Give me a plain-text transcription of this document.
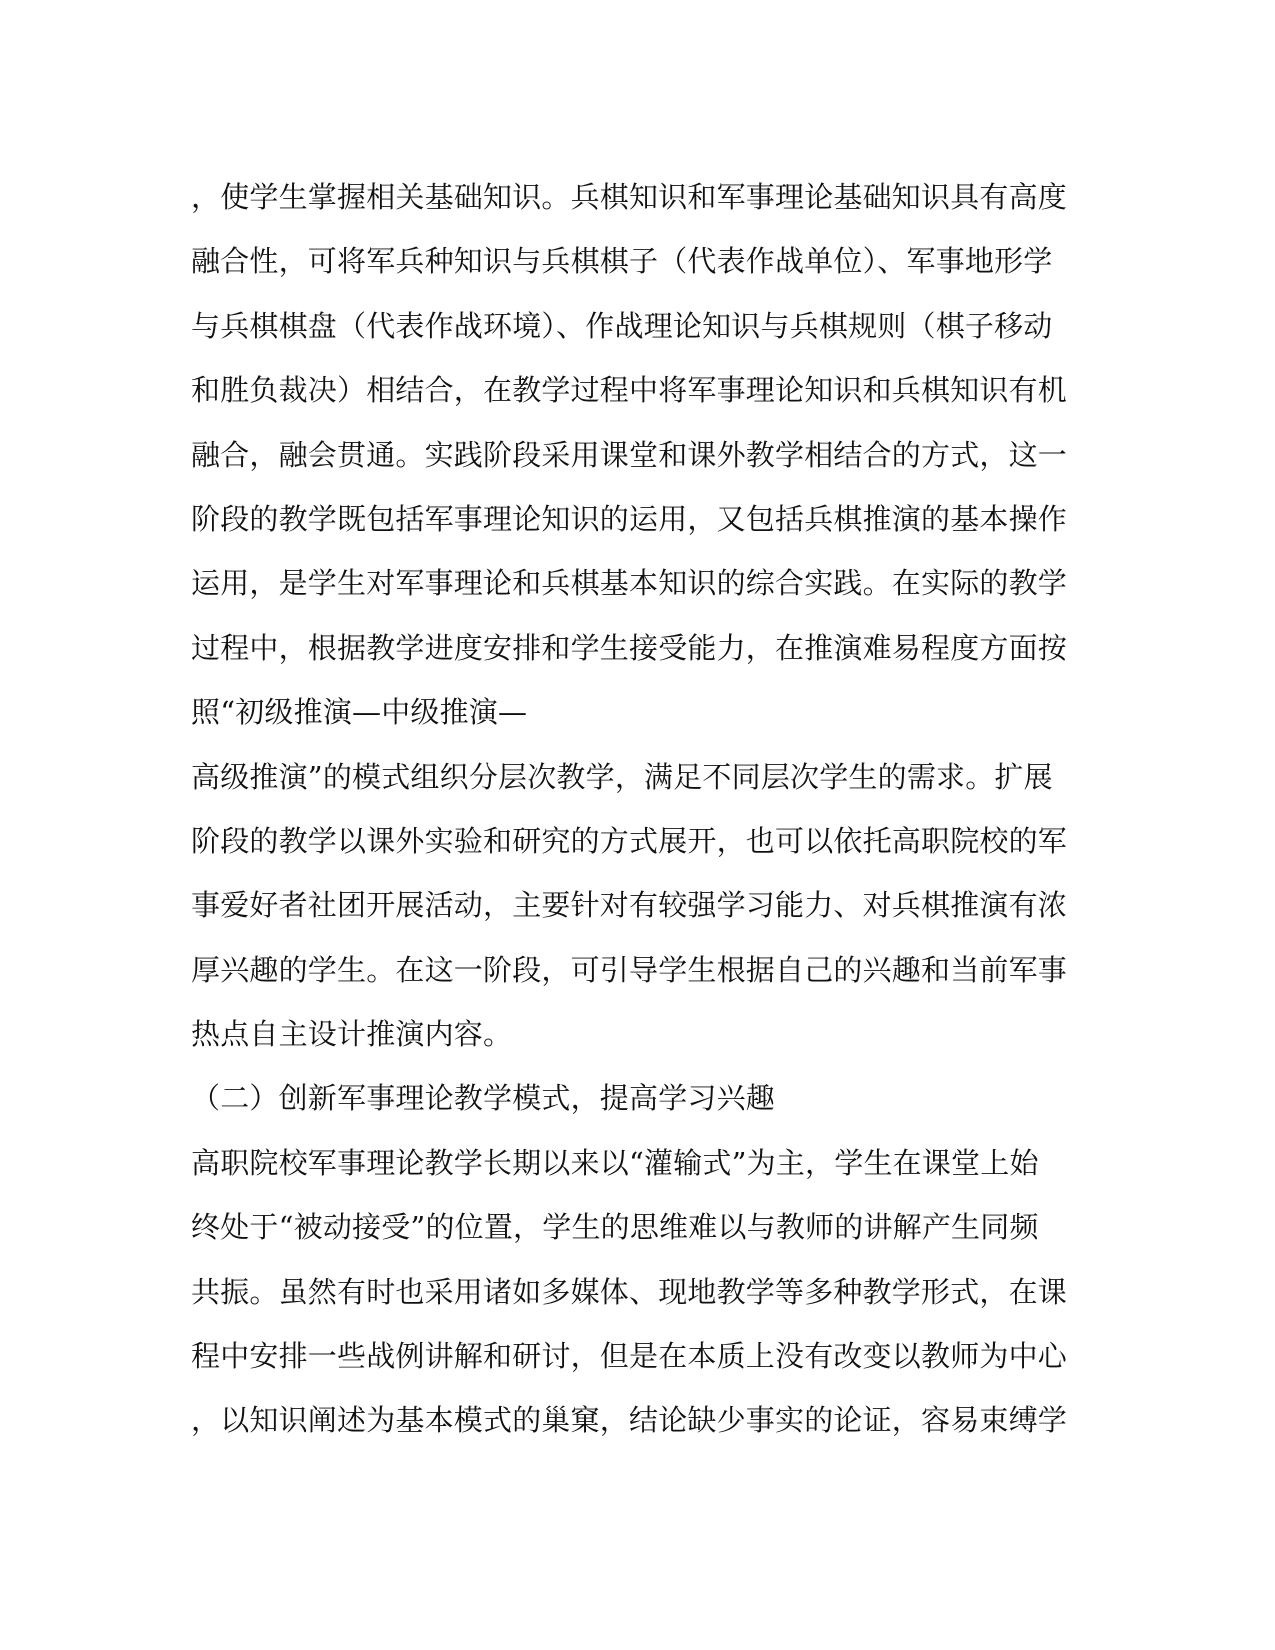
，使学生掌握相关基础知识。兵棋知识和军事理论基础知识具有高度
融合性，可将军兵种知识与兵棋棋子（代表作战单位）、军事地形学
与兵棋棋盘（代表作战环境）、作战理论知识与兵棋规则（棋子移动
和胜负裁决）相结合，在教学过程中将军事理论知识和兵棋知识有机
融合，融会贯通。实践阶段采用课堂和课外教学相结合的方式，这一
阶段的教学既包括军事理论知识的运用，又包括兵棋推演的基本操作
运用，是学生对军事理论和兵棋基本知识的综合实践。在实际的教学
过程中，根据教学进度安排和学生接受能力，在推演难易程度方面按
照“初级推演—中级推演—
高级推演”的模式组织分层次教学，满足不同层次学生的需求。扩展
阶段的教学以课外实验和研究的方式展开，也可以依托高职院校的军
事爱好者社团开展活动，主要针对有较强学习能力、对兵棋推演有浓
厚兴趣的学生。在这一阶段，可引导学生根据自己的兴趣和当前军事
热点自主设计推演内容。
（二）创新军事理论教学模式，提高学习兴趣
高职院校军事理论教学长期以来以“灌输式”为主，学生在课堂上始
终处于“被动接受”的位置，学生的思维难以与教师的讲解产生同频
共振。虽然有时也采用诸如多媒体、现地教学等多种教学形式，在课
程中安排一些战例讲解和研讨，但是在本质上没有改变以教师为中心
，以知识阐述为基本模式的巢窠，结论缺少事实的论证，容易束缚学
